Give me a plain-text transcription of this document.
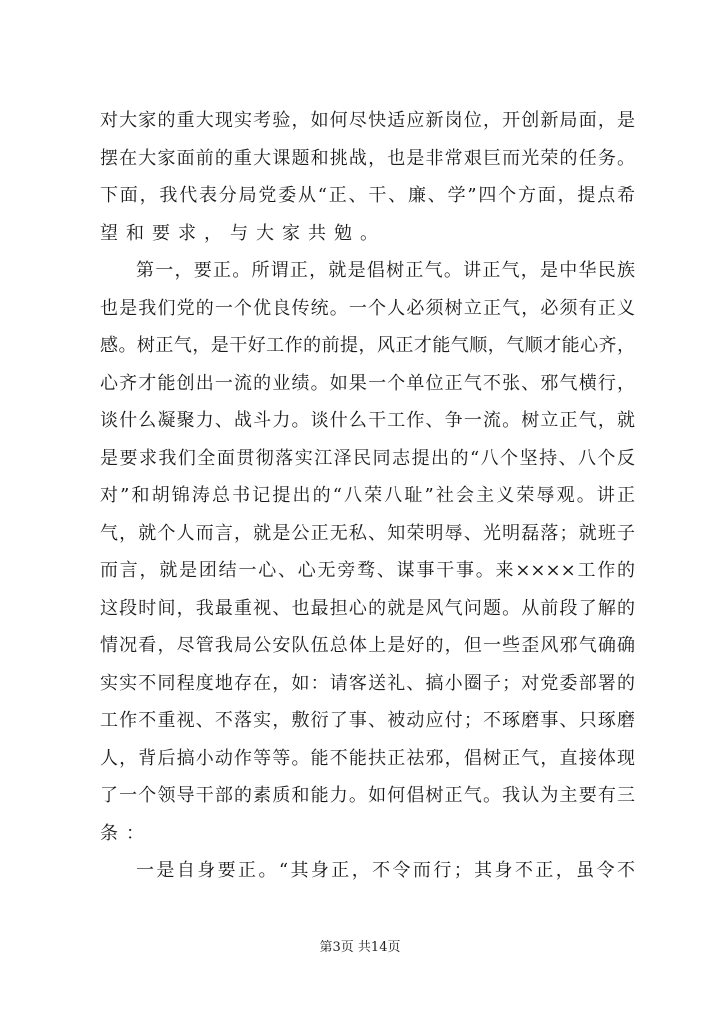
对大家的重大现实考验，如何尽快适应新岗位，开创新局面，是
摆在大家面前的重大课题和挑战，也是非常艰巨而光荣的任务。
下面，我代表分局党委从“正、干、廉、学”四个方面，提点希
望和要求，与大家共勉。
第一，要正。所谓正，就是倡树正气。讲正气，是中华民族
也是我们党的一个优良传统。一个人必须树立正气，必须有正义
感。树正气，是干好工作的前提，风正才能气顺，气顺才能心齐，
心齐才能创出一流的业绩。如果一个单位正气不张、邪气横行，
谈什么凝聚力、战斗力。谈什么干工作、争一流。树立正气，就
是要求我们全面贯彻落实江泽民同志提出的“八个坚持、八个反
对”和胡锦涛总书记提出的“八荣八耻”社会主义荣辱观。讲正
气，就个人而言，就是公正无私、知荣明辱、光明磊落；就班子
而言，就是团结一心、心无旁骛、谋事干事。来××××工作的
这段时间，我最重视、也最担心的就是风气问题。从前段了解的
情况看，尽管我局公安队伍总体上是好的，但一些歪风邪气确确
实实不同程度地存在，如：请客送礼、搞小圈子；对党委部署的
工作不重视、不落实，敷衍了事、被动应付；不琢磨事、只琢磨
人，背后搞小动作等等。能不能扶正祛邪，倡树正气，直接体现
了一个领导干部的素质和能力。如何倡树正气。我认为主要有三
条：
一是自身要正。“其身正，不令而行；其身不正，虽令不
第3页 共14页
